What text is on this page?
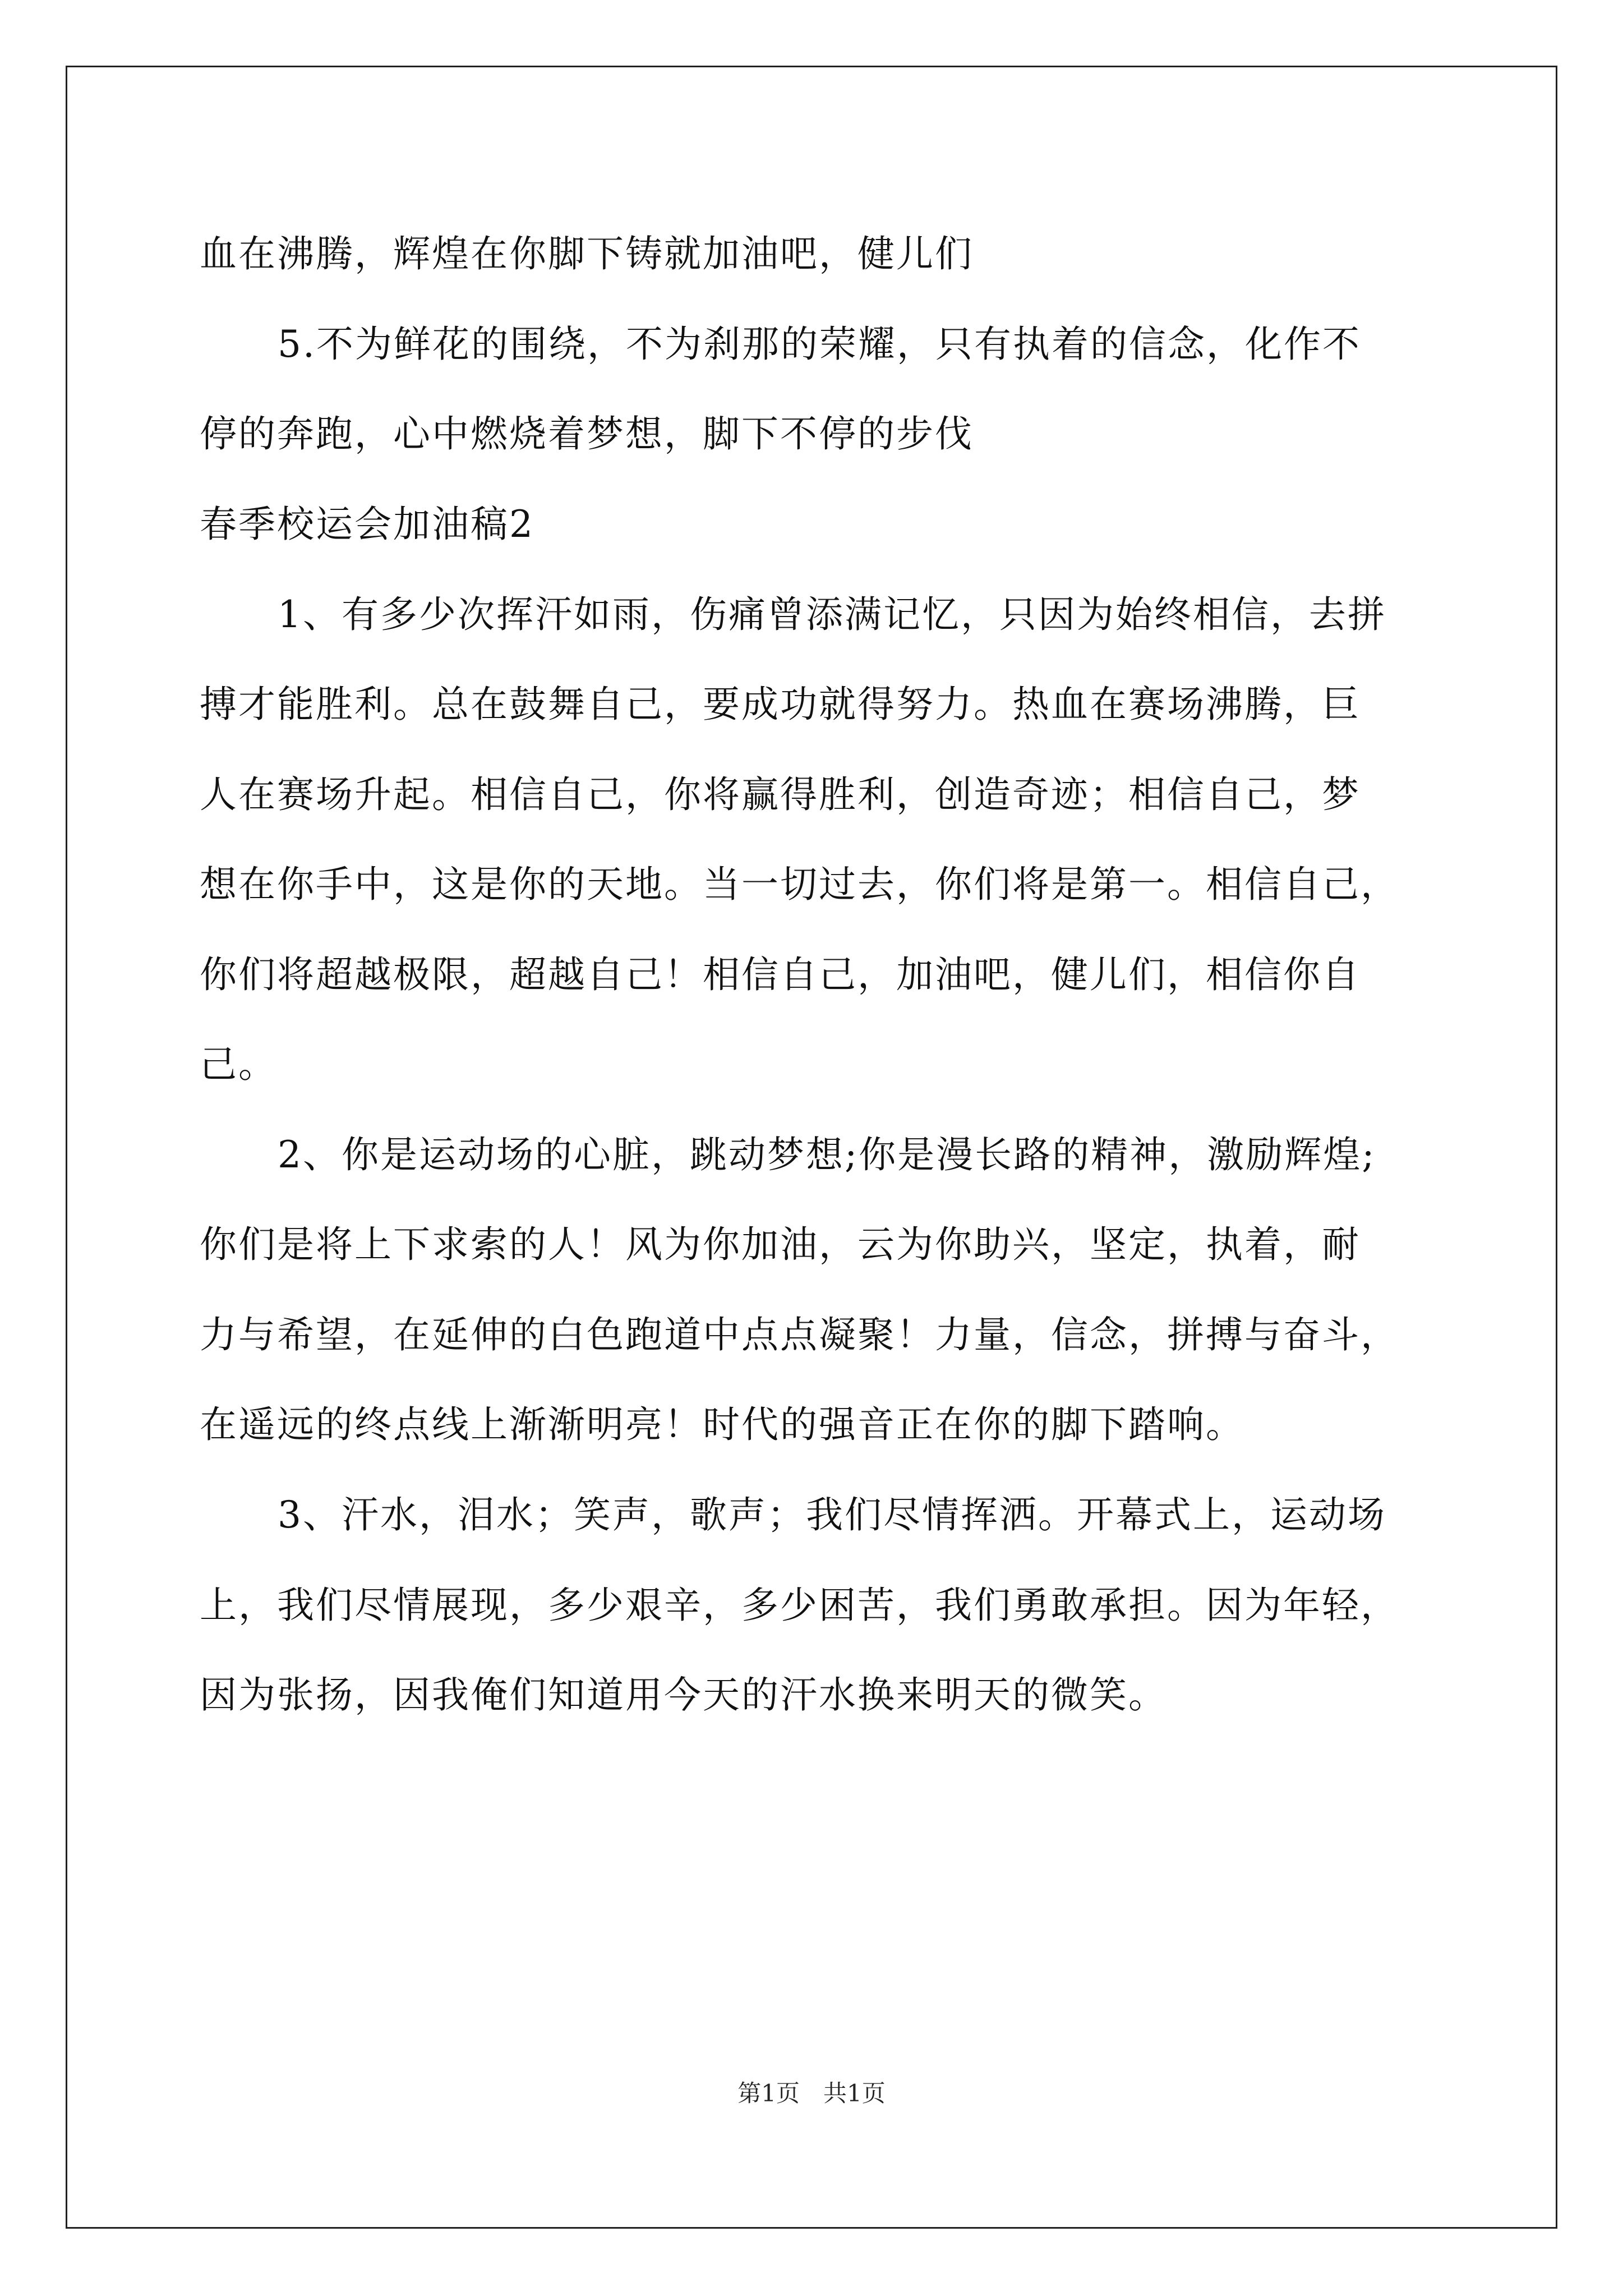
血在沸腾，辉煌在你脚下铸就加油吧，健儿们
5.不为鲜花的围绕，不为刹那的荣耀，只有执着的信念，化作不
停的奔跑，心中燃烧着梦想，脚下不停的步伐
春季校运会加油稿2
1、有多少次挥汗如雨，伤痛曾添满记忆，只因为始终相信，去拼
搏才能胜利。总在鼓舞自己，要成功就得努力。热血在赛场沸腾，巨
人在赛场升起。相信自己，你将赢得胜利，创造奇迹；相信自己，梦
想在你手中，这是你的天地。当一切过去，你们将是第一。相信自己，
你们将超越极限，超越自己！相信自己，加油吧，健儿们，相信你自
己。
2、你是运动场的心脏，跳动梦想;你是漫长路的精神，激励辉煌;
你们是将上下求索的人！风为你加油，云为你助兴，坚定，执着，耐
力与希望，在延伸的白色跑道中点点凝聚！力量，信念，拼搏与奋斗，
在遥远的终点线上渐渐明亮！时代的强音正在你的脚下踏响。
3、汗水，泪水；笑声，歌声；我们尽情挥洒。开幕式上，运动场
上，我们尽情展现，多少艰辛，多少困苦，我们勇敢承担。因为年轻，
因为张扬，因我俺们知道用今天的汗水换来明天的微笑。
第1页　共1页
